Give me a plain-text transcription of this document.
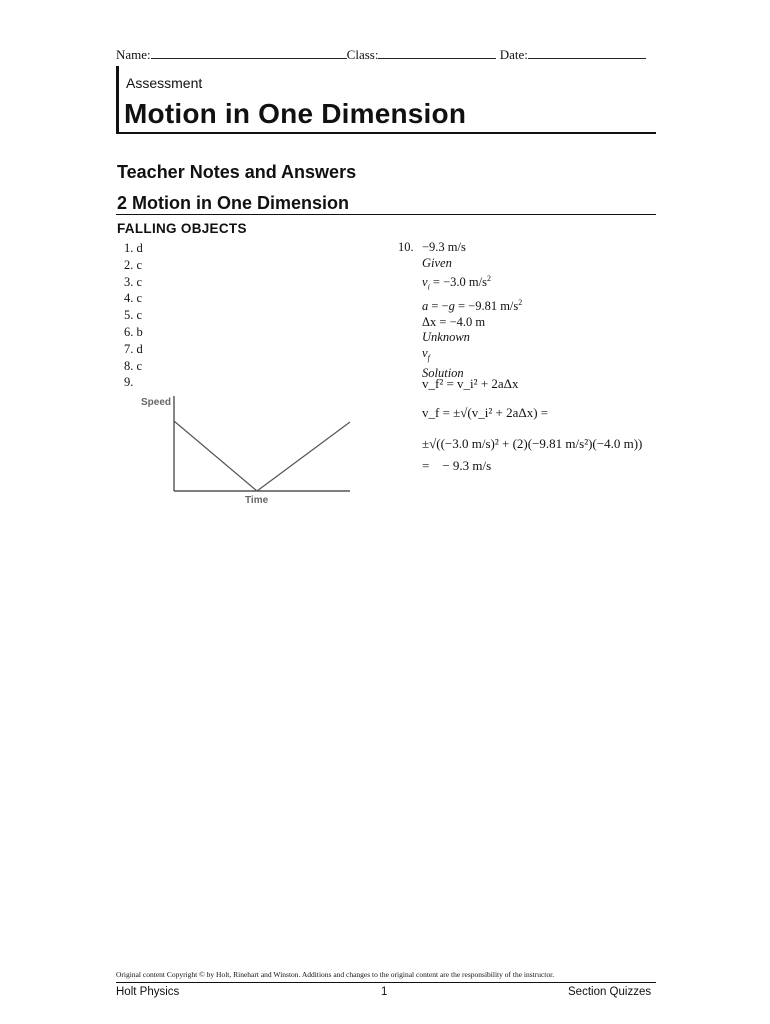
Name:	Class:	Date:
Assessment
Motion in One Dimension
Teacher Notes and Answers
2 Motion in One Dimension
FALLING OBJECTS
1. d
2. c
3. c
4. c
5. c
6. b
7. d
8. c
9.
Speed
Time
10. −9.3 m/s
Given
$v_i = -3.0$ $m/s^2$
a = −g = −9.81 $m/s^2$
Δx = −4.0 m
Unknown
$v_f$
Solution
v_f² = v_i² + 2aΔx
v_f = ±√(v_i² + 2aΔx) =
±√((−3.0 m/s)² + (2)(−9.81 m/s²)(−4.0 m))
= − 9.3 m/s
Original content Copyright © by Holt, Rinehart and Winston. Additions and changes to the original content are the responsibility of the instructor.
Holt Physics	1	Section Quizzes
